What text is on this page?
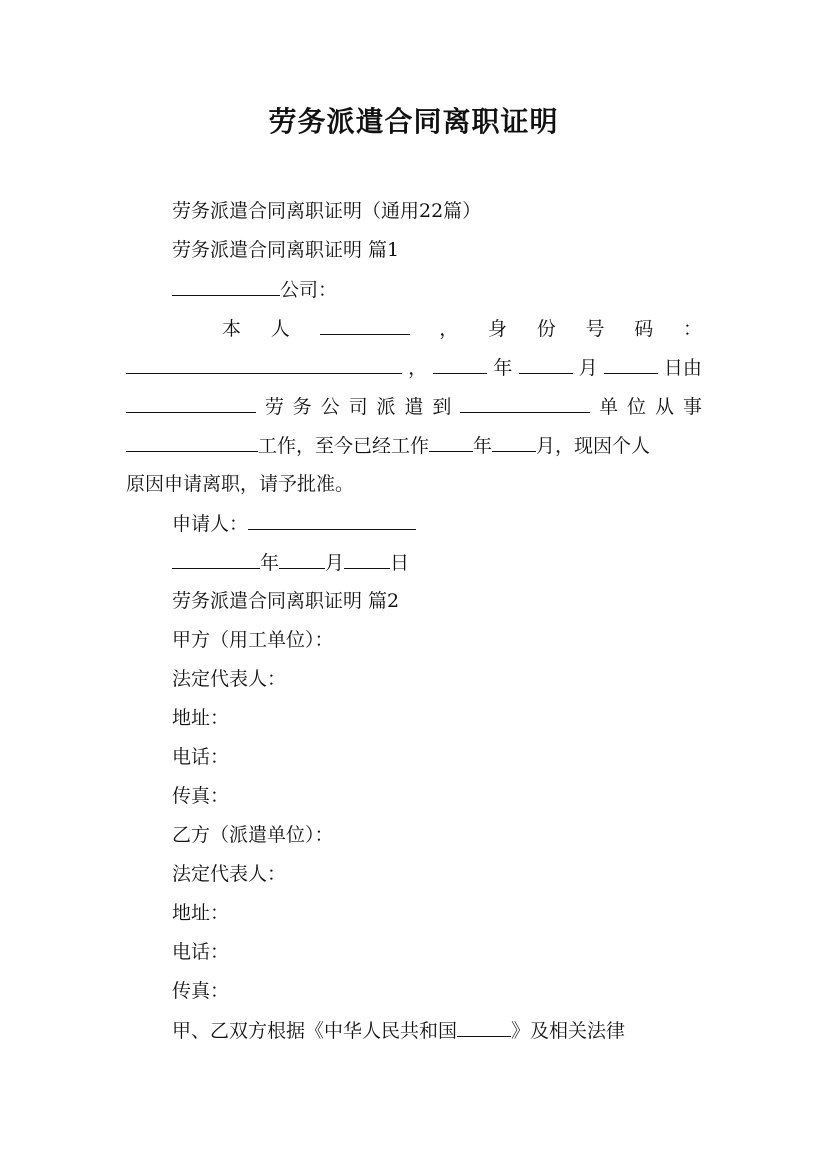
劳务派遣合同离职证明
劳务派遣合同离职证明（通用22篇）
劳务派遣合同离职证明 篇1
公司：
本 人	， 身 份 号 码 ：
，	年	月	日由
劳 务 公 司 派 遣 到	单 位 从 事
工作，至今已经工作 年 月，现因个人
原因申请离职，请予批准。
申请人：
年 月 日
劳务派遣合同离职证明 篇2
甲方（用工单位）：
法定代表人：
地址：
电话：
传真：
乙方（派遣单位）：
法定代表人：
地址：
电话：
传真：
甲、乙双方根据《中华人民共和国	》及相关法律
